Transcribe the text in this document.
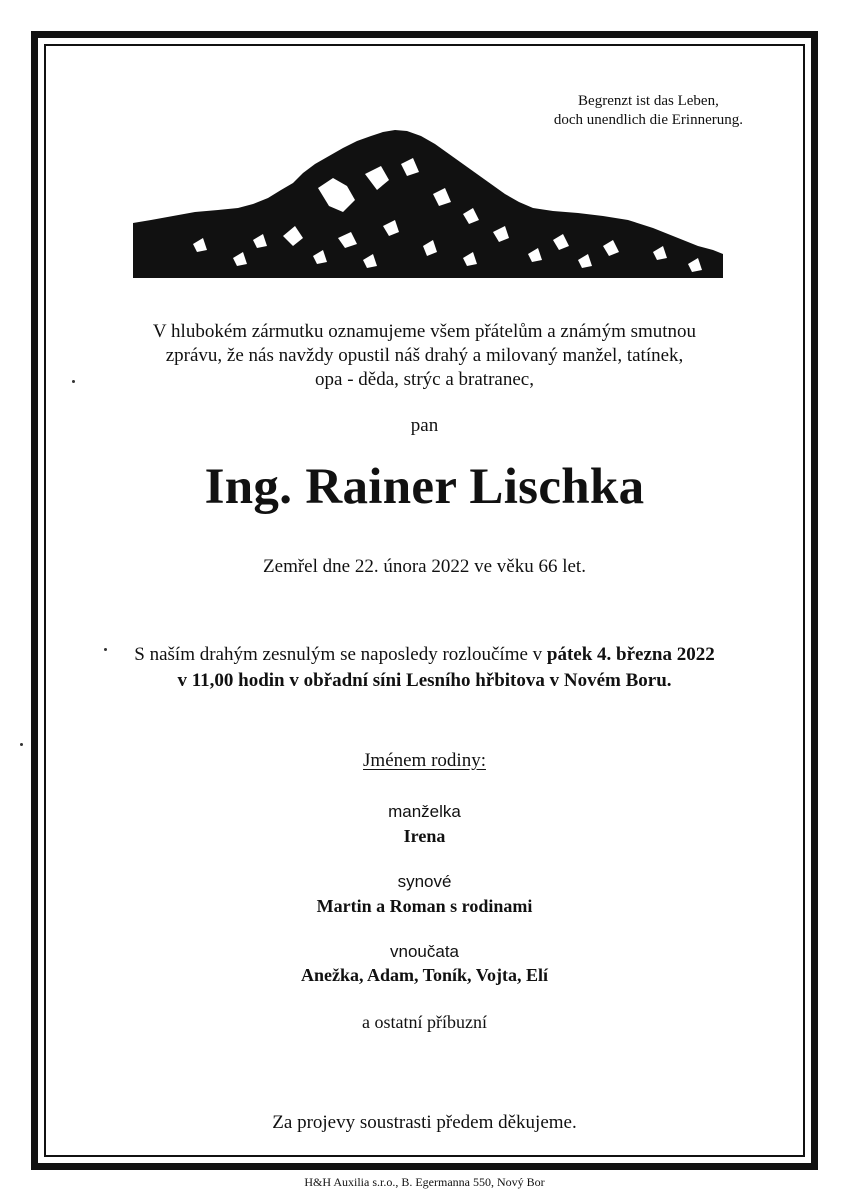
Begrenzt ist das Leben,
doch unendlich die Erinnerung.
V hlubokém zármutku oznamujeme všem přátelům a známým smutnou
zprávu, že nás navždy opustil náš drahý a milovaný manžel, tatínek,
opa - děda, strýc a bratranec,
pan
Ing. Rainer Lischka
Zemřel dne 22. února 2022 ve věku 66 let.
S naším drahým zesnulým se naposledy rozloučíme v pátek 4. března 2022
v 11,00 hodin v obřadní síni Lesního hřbitova v Novém Boru.
Jménem rodiny:
manželka
Irena
synové
Martin a Roman s rodinami
vnoučata
Anežka, Adam, Toník, Vojta, Elí
a ostatní příbuzní
Za projevy soustrasti předem děkujeme.
H&H Auxilia s.r.o., B. Egermanna 550, Nový Bor
